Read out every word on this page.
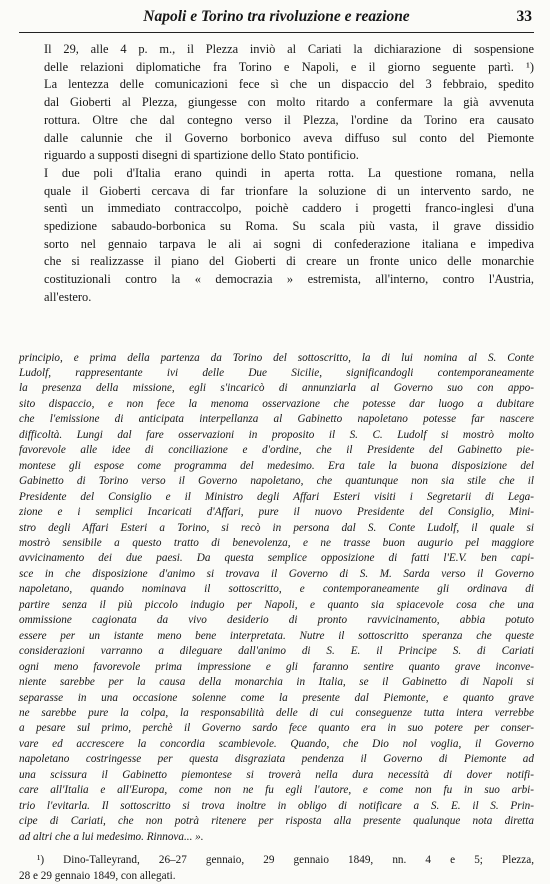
Napoli e Torino tra rivoluzione e reazione	33

Il 29, alle 4 p. m., il Plezza inviò al Cariati la dichiarazione di sospensione
delle relazioni diplomatiche fra Torino e Napoli, e il giorno seguente partì. ¹)
La lentezza delle comunicazioni fece sì che un dispaccio del 3 febbraio, spedito
dal Gioberti al Plezza, giungesse con molto ritardo a confermare la già avvenuta
rottura. Oltre che dal contegno verso il Plezza, l'ordine da Torino era causato
dalle calunnie che il Governo borbonico aveva diffuso sul conto del Piemonte
riguardo a supposti disegni di spartizione dello Stato pontificio.

I due poli d'Italia erano quindi in aperta rotta. La questione romana, nella
quale il Gioberti cercava di far trionfare la soluzione di un intervento sardo, ne
sentì un immediato contraccolpo, poichè caddero i progetti franco-inglesi d'una
spedizione sabaudo-borbonica su Roma. Su scala più vasta, il grave dissidio
sorto nel gennaio tarpava le ali ai sogni di confederazione italiana e impediva
che si realizzasse il piano del Gioberti di creare un fronte unico delle monarchie
costituzionali contro la « democrazia » estremista, all'interno, contro l'Austria,
all'estero.

principio, e prima della partenza da Torino del sottoscritto, la di lui nomina al S. Conte
Ludolf, rappresentante ivi delle Due Sicilie, significandogli contemporaneamente
la presenza della missione, egli s'incaricò di annunziarla al Governo suo con appo-
sito dispaccio, e non fece la menoma osservazione che potesse dar luogo a dubitare
che l'emissione di anticipata interpellanza al Gabinetto napoletano potesse far nascere
difficoltà. Lungi dal fare osservazioni in proposito il S. C. Ludolf si mostrò molto
favorevole alle idee di conciliazione e d'ordine, che il Presidente del Gabinetto pie-
montese gli espose come programma del medesimo. Era tale la buona disposizione del
Gabinetto di Torino verso il Governo napoletano, che quantunque non sia stile che il
Presidente del Consiglio e il Ministro degli Affari Esteri visiti i Segretarii di Lega-
zione e i semplici Incaricati d'Affari, pure il nuovo Presidente del Consiglio, Mini-
stro degli Affari Esteri a Torino, si recò in persona dal S. Conte Ludolf, il quale si
mostrò sensibile a questo tratto di benevolenza, e ne trasse buon augurio pel maggiore
avvicinamento dei due paesi. Da questa semplice opposizione di fatti l'E.V. ben capi-
sce in che disposizione d'animo si trovava il Governo di S. M. Sarda verso il Governo
napoletano, quando nominava il sottoscritto, e contemporaneamente gli ordinava di
partire senza il più piccolo indugio per Napoli, e quanto sia spiacevole cosa che una
ommissione cagionata da vivo desiderio di pronto ravvicinamento, abbia potuto
essere per un istante meno bene interpretata. Nutre il sottoscritto speranza che queste
considerazioni varranno a dileguare dall'animo di S. E. il Principe S. di Cariati
ogni meno favorevole prima impressione e gli faranno sentire quanto grave inconve-
niente sarebbe per la causa della monarchia in Italia, se il Gabinetto di Napoli si
separasse in una occasione solenne come la presente dal Piemonte, e quanto grave
ne sarebbe pure la colpa, la responsabilità delle di cui conseguenze tutta intera verrebbe
a pesare sul primo, perchè il Governo sardo fece quanto era in suo potere per conser-
vare ed accrescere la concordia scambievole. Quando, che Dio nol voglia, il Governo
napoletano costringesse per questa disgraziata pendenza il Governo di Piemonte ad
una scissura il Gabinetto piemontese si troverà nella dura necessità di dover notifi-
care all'Italia e all'Europa, come non ne fu egli l'autore, e come non fu in suo arbi-
trio l'evitarla. Il sottoscritto si trova inoltre in obligo di notificare a S. E. il S. Prin-
cipe di Cariati, che non potrà ritenere per risposta alla presente qualunque nota diretta
ad altri che a lui medesimo. Rinnova... ».
¹) Dino-Talleyrand, 26–27 gennaio, 29 gennaio 1849, nn. 4 e 5; Plezza,
28 e 29 gennaio 1849, con allegati.
